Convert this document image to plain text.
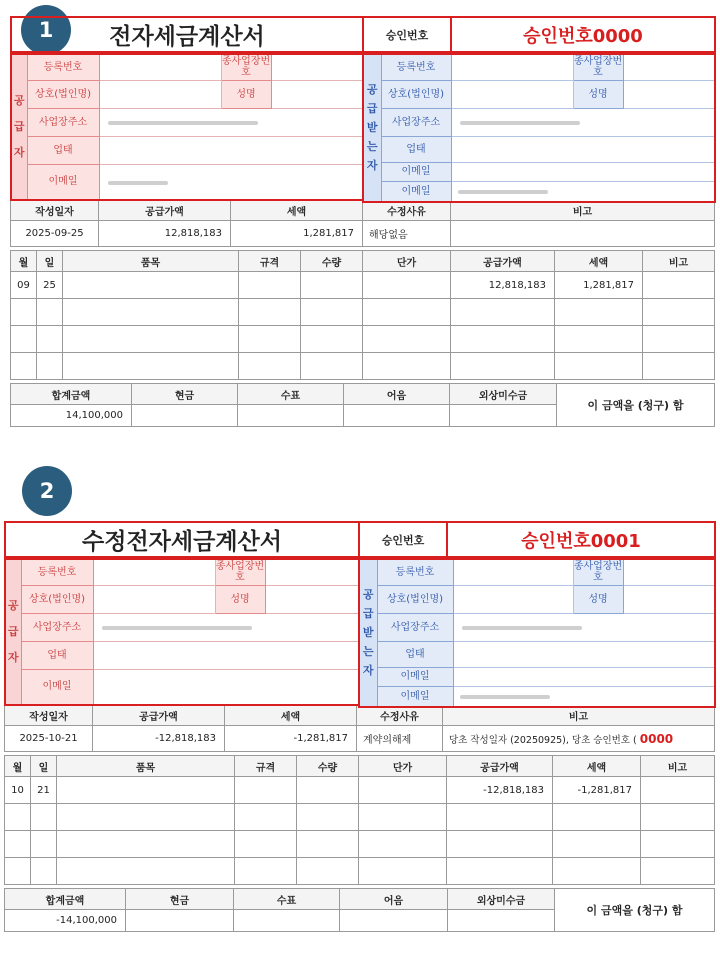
1	전자세금계산서	승인번호	승인번호0000
공급자	등록번호		종사업장번호	
	상호(법인명)		성명	
	사업장주소			
	업태			
	이메일			
공급받는자	등록번호		종사업장번호	
	상호(법인명)		성명	
	사업장주소			
	업태			
	이메일			
	이메일			
작성일자	공급가액	세액	수정사유	비고
2025-09-25	12,818,183	1,281,817	해당없음	
월	일	품목	규격	수량	단가	공급가액	세액	비고
09	25					12,818,183	1,281,817	

합계금액	현금	수표	어음	외상미수금	이 금액을 (청구) 함
14,100,000					
2
수정전자세금계산서	승인번호	승인번호0001
공급자	등록번호		종사업장번호	
	상호(법인명)		성명	
	사업장주소			
	업태			
	이메일			
공급받는자	등록번호		종사업장번호	
	상호(법인명)		성명	
	사업장주소			
	업태			
	이메일			
	이메일			
작성일자	공급가액	세액	수정사유	비고
2025-10-21	-12,818,183	-1,281,817	계약의해제	당초 작성일자 (20250925), 당초 승인번호 ( 0000
월	일	품목	규격	수량	단가	공급가액	세액	비고
10	21					-12,818,183	-1,281,817	

합계금액	현금	수표	어음	외상미수금	이 금액을 (청구) 함
-14,100,000					
